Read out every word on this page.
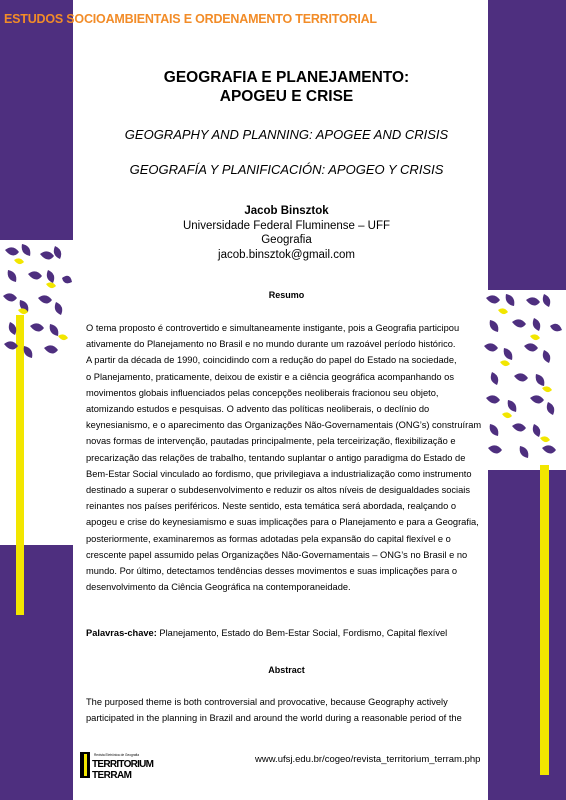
ESTUDOS SOCIOAMBIENTAIS E ORDENAMENTO TERRITORIAL
GEOGRAFIA E PLANEJAMENTO:
APOGEU E CRISE
GEOGRAPHY AND PLANNING: APOGEE AND CRISIS
GEOGRAFÍA Y PLANIFICACIÓN: APOGEO Y CRISIS
Jacob Binsztok
Universidade Federal Fluminense – UFF
Geografia
jacob.binsztok@gmail.com
Resumo
O tema proposto é controvertido e simultaneamente instigante, pois a Geografia participou
ativamente do Planejamento no Brasil e no mundo durante um razoável período histórico.
A partir da década de 1990, coincidindo com a redução do papel do Estado na sociedade,
o Planejamento, praticamente, deixou de existir e a ciência geográfica acompanhando os
movimentos globais influenciados pelas concepções neoliberais fracionou seu objeto,
atomizando estudos e pesquisas. O advento das políticas neoliberais, o declínio do
keynesianismo, e o aparecimento das Organizações Não-Governamentais (ONG’s) construíram
novas formas de intervenção, pautadas principalmente, pela terceirização, flexibilização e
precarização das relações de trabalho, tentando suplantar o antigo paradigma do Estado de
Bem-Estar Social vinculado ao fordismo, que privilegiava a industrialização como instrumento
destinado a superar o subdesenvolvimento e reduzir os altos níveis de desigualdades sociais
reinantes nos países periféricos. Neste sentido, esta temática será abordada, realçando o
apogeu e crise do keynesiamismo e suas implicações para o Planejamento e para a Geografia,
posteriormente, examinaremos as formas adotadas pela expansão do capital flexível e o
crescente papel assumido pelas Organizações Não-Governamentais – ONG’s no Brasil e no
mundo. Por último, detectamos tendências desses movimentos e suas implicações para o
desenvolvimento da Ciência Geográfica na contemporaneidade.
Palavras-chave: Planejamento, Estado do Bem-Estar Social, Fordismo, Capital flexível
Abstract
The purposed theme is both controversial and provocative, because Geography actively
participated in the planning in Brazil and around the world during a reasonable period of the
Revista Eletrônica de Geografia
TERRITORIUM
TERRAM
www.ufsj.edu.br/cogeo/revista_territorium_terram.php
